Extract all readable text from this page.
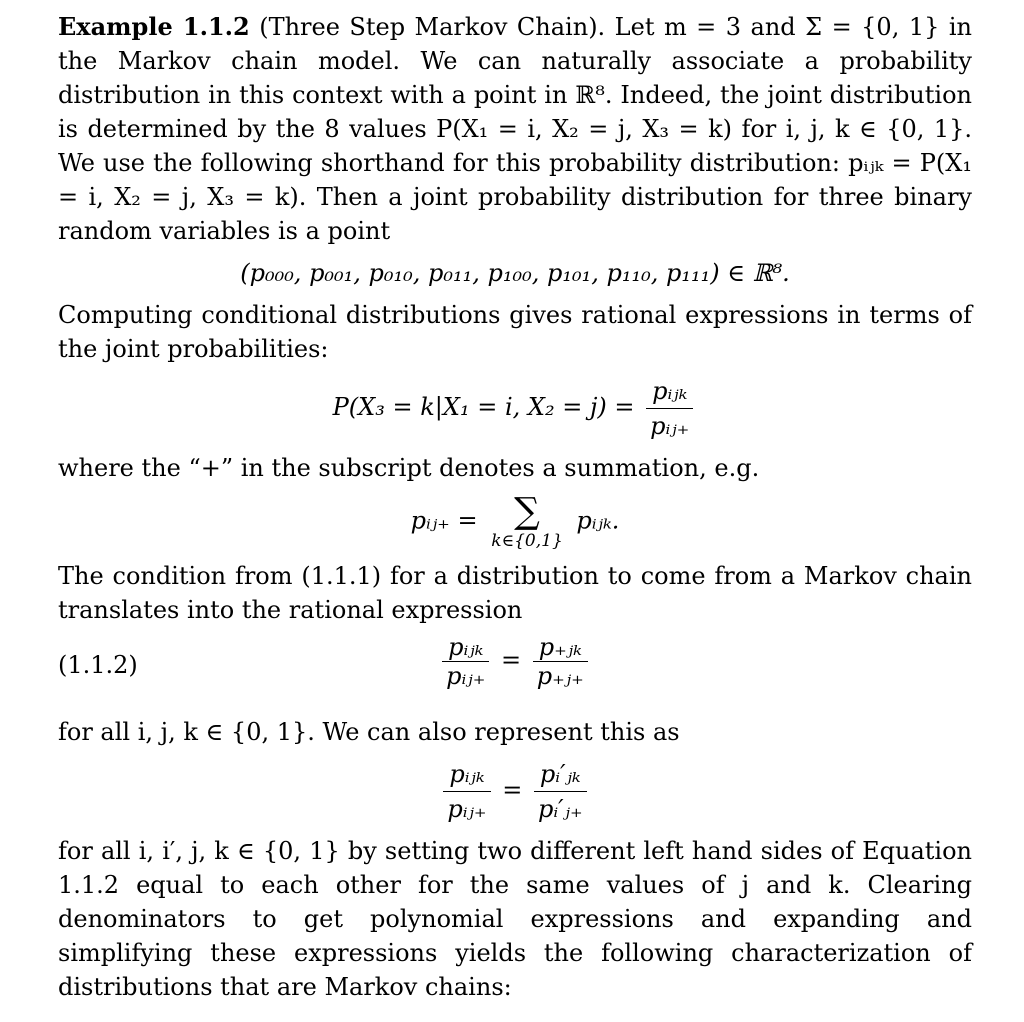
Example 1.1.2 (Three Step Markov Chain). Let m = 3 and Σ = {0, 1} in the Markov chain model. We can naturally associate a probability distribution in this context with a point in ℝ⁸. Indeed, the joint distribution is determined by the 8 values P(X₁ = i, X₂ = j, X₃ = k) for i, j, k ∈ {0, 1}. We use the following shorthand for this probability distribution: pᵢⱼₖ = P(X₁ = i, X₂ = j, X₃ = k). Then a joint probability distribution for three binary random variables is a point

(p₀₀₀, p₀₀₁, p₀₁₀, p₀₁₁, p₁₀₀, p₁₀₁, p₁₁₀, p₁₁₁) ∈ ℝ⁸.

Computing conditional distributions gives rational expressions in terms of the joint probabilities:

P(X₃ = k|X₁ = i, $X_2 = j) = \frac{\text{pᵢⱼₖ}}{\text{pᵢⱼ₊}}$

where the “+” in the subscript denotes a summation, e.g.

pᵢⱼ₊ =	∑
k∈{0,1}
pᵢⱼₖ.

The condition from (1.1.1) for a distribution to come from a Markov chain translates into the rational expression

(1.1.2)	$\frac{\text{pᵢⱼₖ}}{\text{pᵢⱼ₊}} = \frac{\text{p₊ⱼₖ}}{\text{p₊ⱼ₊}}$

for all i, j, k ∈ {0, 1}. We can also represent this as

$\frac{\text{pᵢⱼₖ}}{\text{pᵢⱼ₊}} = \frac{\text{pᵢ′ⱼₖ}}{\text{pᵢ′ⱼ₊}}$

for all i, i′, j, k ∈ {0, 1} by setting two different left hand sides of Equation 1.1.2 equal to each other for the same values of j and k. Clearing denominators to get polynomial expressions and expanding and simplifying these expressions yields the following characterization of distributions that are Markov chains:
